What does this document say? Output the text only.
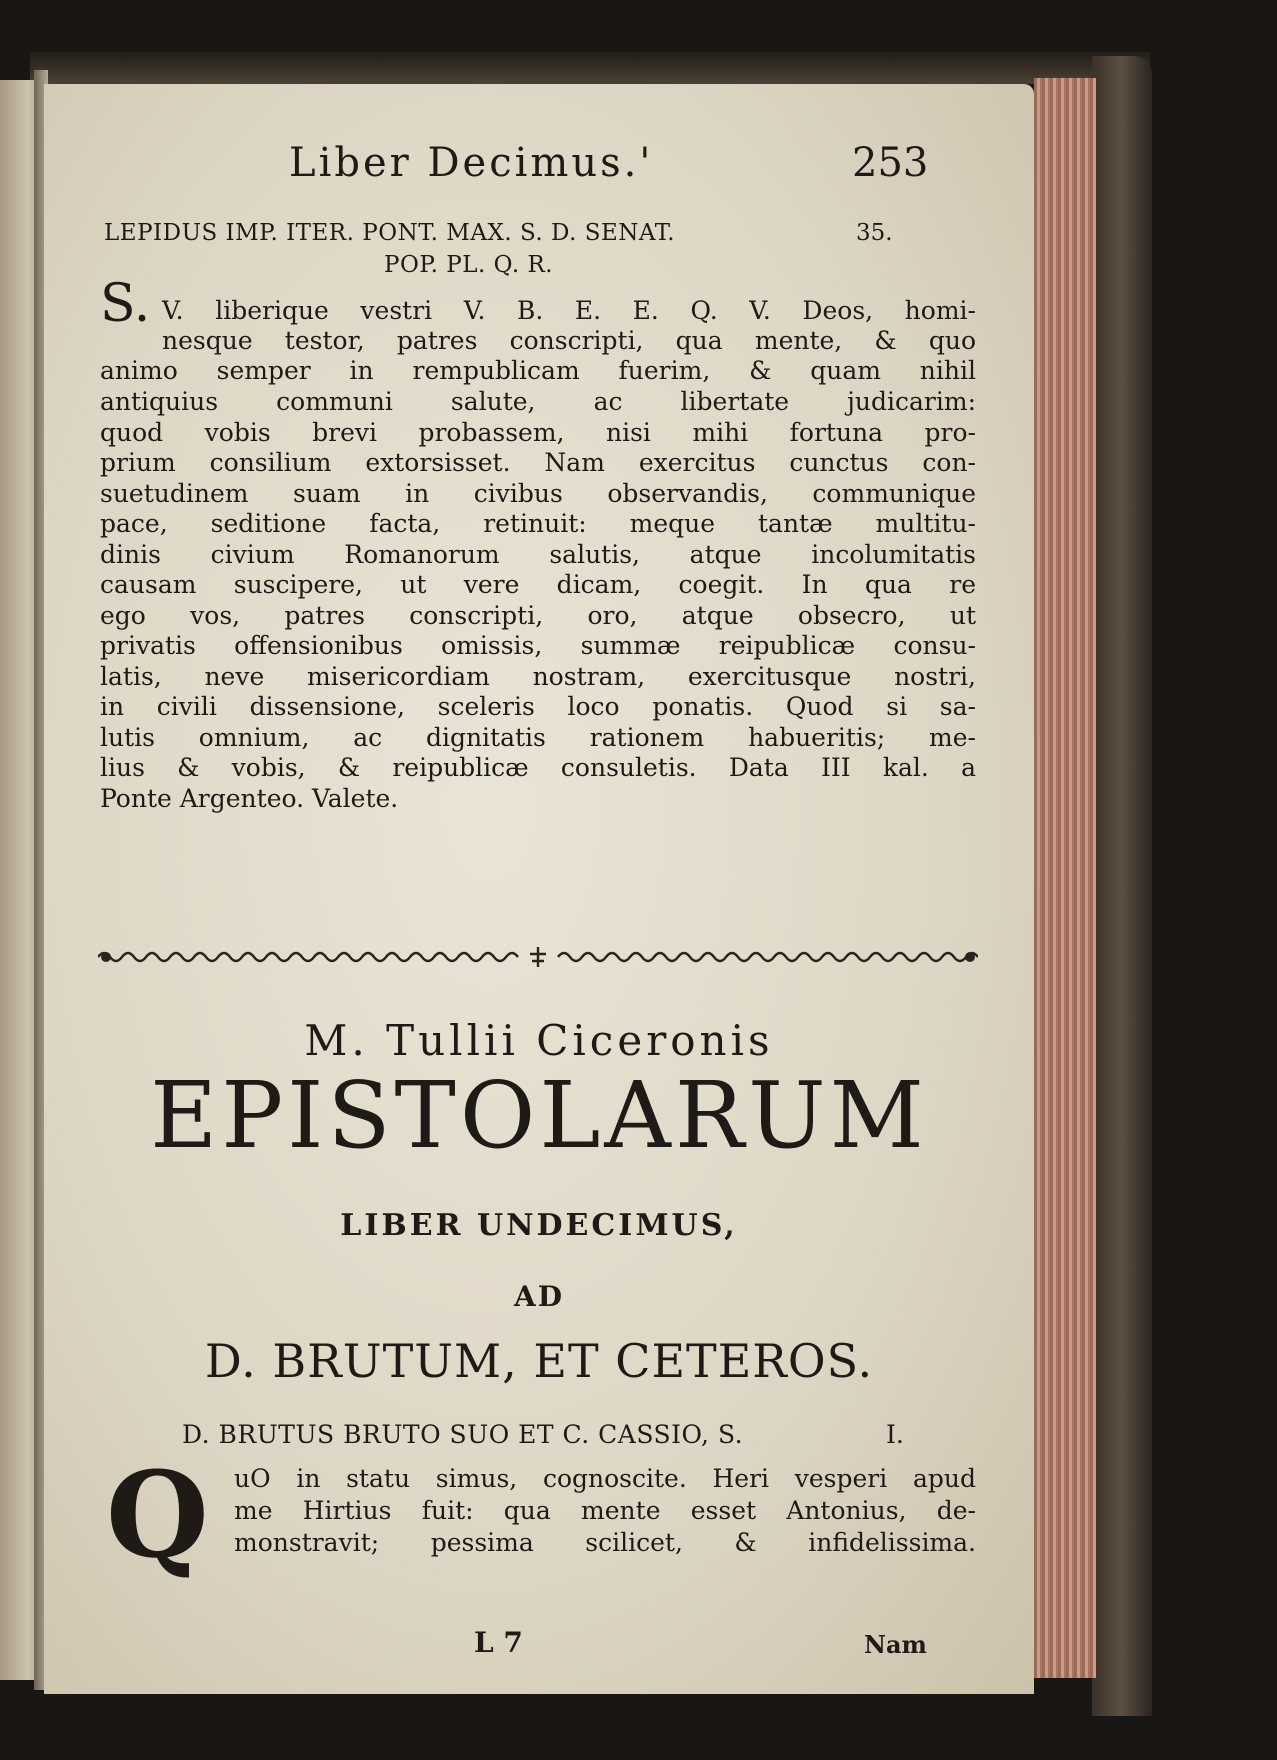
Liber Decimus.'	253
LEPIDUS IMP. ITER. PONT. MAX. S. D. SENAT.	35.
POP. PL. Q. R.
S. V. liberique vestri V. B. E. E. Q. V. Deos, homi-
nesque testor, patres conscripti, qua mente, & quo
animo semper in rempublicam fuerim, & quam nihil
antiquius communi salute, ac libertate judicarim:
quod vobis brevi probassem, nisi mihi fortuna pro-
prium consilium extorsisset. Nam exercitus cunctus con-
suetudinem suam in civibus observandis, communique
pace, seditione facta, retinuit: meque tantæ multitu-
dinis civium Romanorum salutis, atque incolumitatis
causam suscipere, ut vere dicam, coegit. In qua re
ego vos, patres conscripti, oro, atque obsecro, ut
privatis offensionibus omissis, summæ reipublicæ consu-
latis, neve misericordiam nostram, exercitusque nostri,
in civili dissensione, sceleris loco ponatis. Quod si sa-
lutis omnium, ac dignitatis rationem habueritis; me-
lius & vobis, & reipublicæ consuletis. Data III kal. a
Ponte Argenteo. Valete.
M. Tullii Ciceronis
EPISTOLARUM
LIBER UNDECIMUS,
AD
D. BRUTUM, ET CETEROS.
D. BRUTUS BRUTO SUO ET C. CASSIO, S.	I.
Q uO in statu simus, cognoscite. Heri vesperi apud
me Hirtius fuit: qua mente esset Antonius, de-
monstravit; pessima scilicet, & infidelissima.
L 7	Nam
